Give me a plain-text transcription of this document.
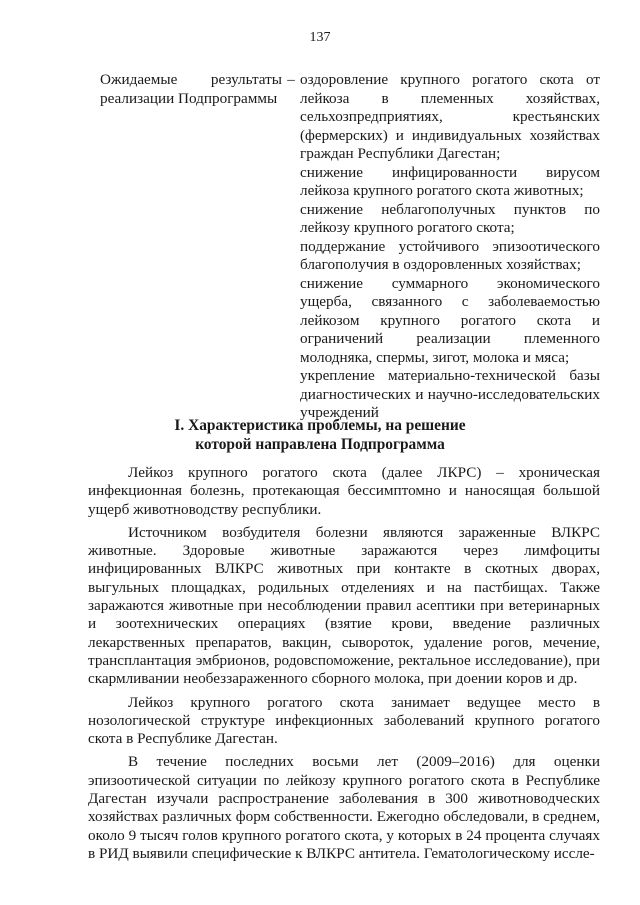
137
Ожидаемые результаты
реализации Подпрограммы
– оздоровление крупного рогатого скота от лейкоза в племенных хозяйствах, сельхозпредприятиях, крестьянских (фермерских) и индивидуальных хозяйствах граждан Республики Дагестан;

снижение инфицированности вирусом лейкоза крупного рогатого скота животных;

снижение неблагополучных пунктов по лейкозу крупного рогатого скота;

поддержание устойчивого эпизоотического благополучия в оздоровленных хозяйствах;

снижение суммарного экономического ущерба, связанного с заболеваемостью лейкозом крупного рогатого скота и ограничений реализации племенного молодняка, спермы, зигот, молока и мяса;

укрепление материально-технической базы диагностических и научно-исследовательских учреждений

I. Характеристика проблемы, на решение
которой направлена Подпрограмма

Лейкоз крупного рогатого скота (далее ЛКРС) – хроническая инфекционная болезнь, протекающая бессимптомно и наносящая большой ущерб животноводству республики.

Источником возбудителя болезни являются зараженные ВЛКРС животные. Здоровые животные заражаются через лимфоциты инфицированных ВЛКРС животных при контакте в скотных дворах, выгульных площадках, родильных отделениях и на пастбищах. Также заражаются животные при несоблюдении правил асептики при ветеринарных и зоотехнических операциях (взятие крови, введение различных лекарственных препаратов, вакцин, сывороток, удаление рогов, мечение, трансплантация эмбрионов, родовспоможение, ректальное исследование), при скармливании необеззараженного сборного молока, при доении коров и др.

Лейкоз крупного рогатого скота занимает ведущее место в нозологической структуре инфекционных заболеваний крупного рогатого скота в Республике Дагестан.

В течение последних восьми лет (2009–2016) для оценки эпизоотической ситуации по лейкозу крупного рогатого скота в Республике Дагестан изучали распространение заболевания в 300 животноводческих хозяйствах различных форм собственности. Ежегодно обследовали, в среднем, около 9 тысяч голов крупного рогатого скота, у которых в 24 процента случаях в РИД выявили специфические к ВЛКРС антитела. Гематологическому иссле-
